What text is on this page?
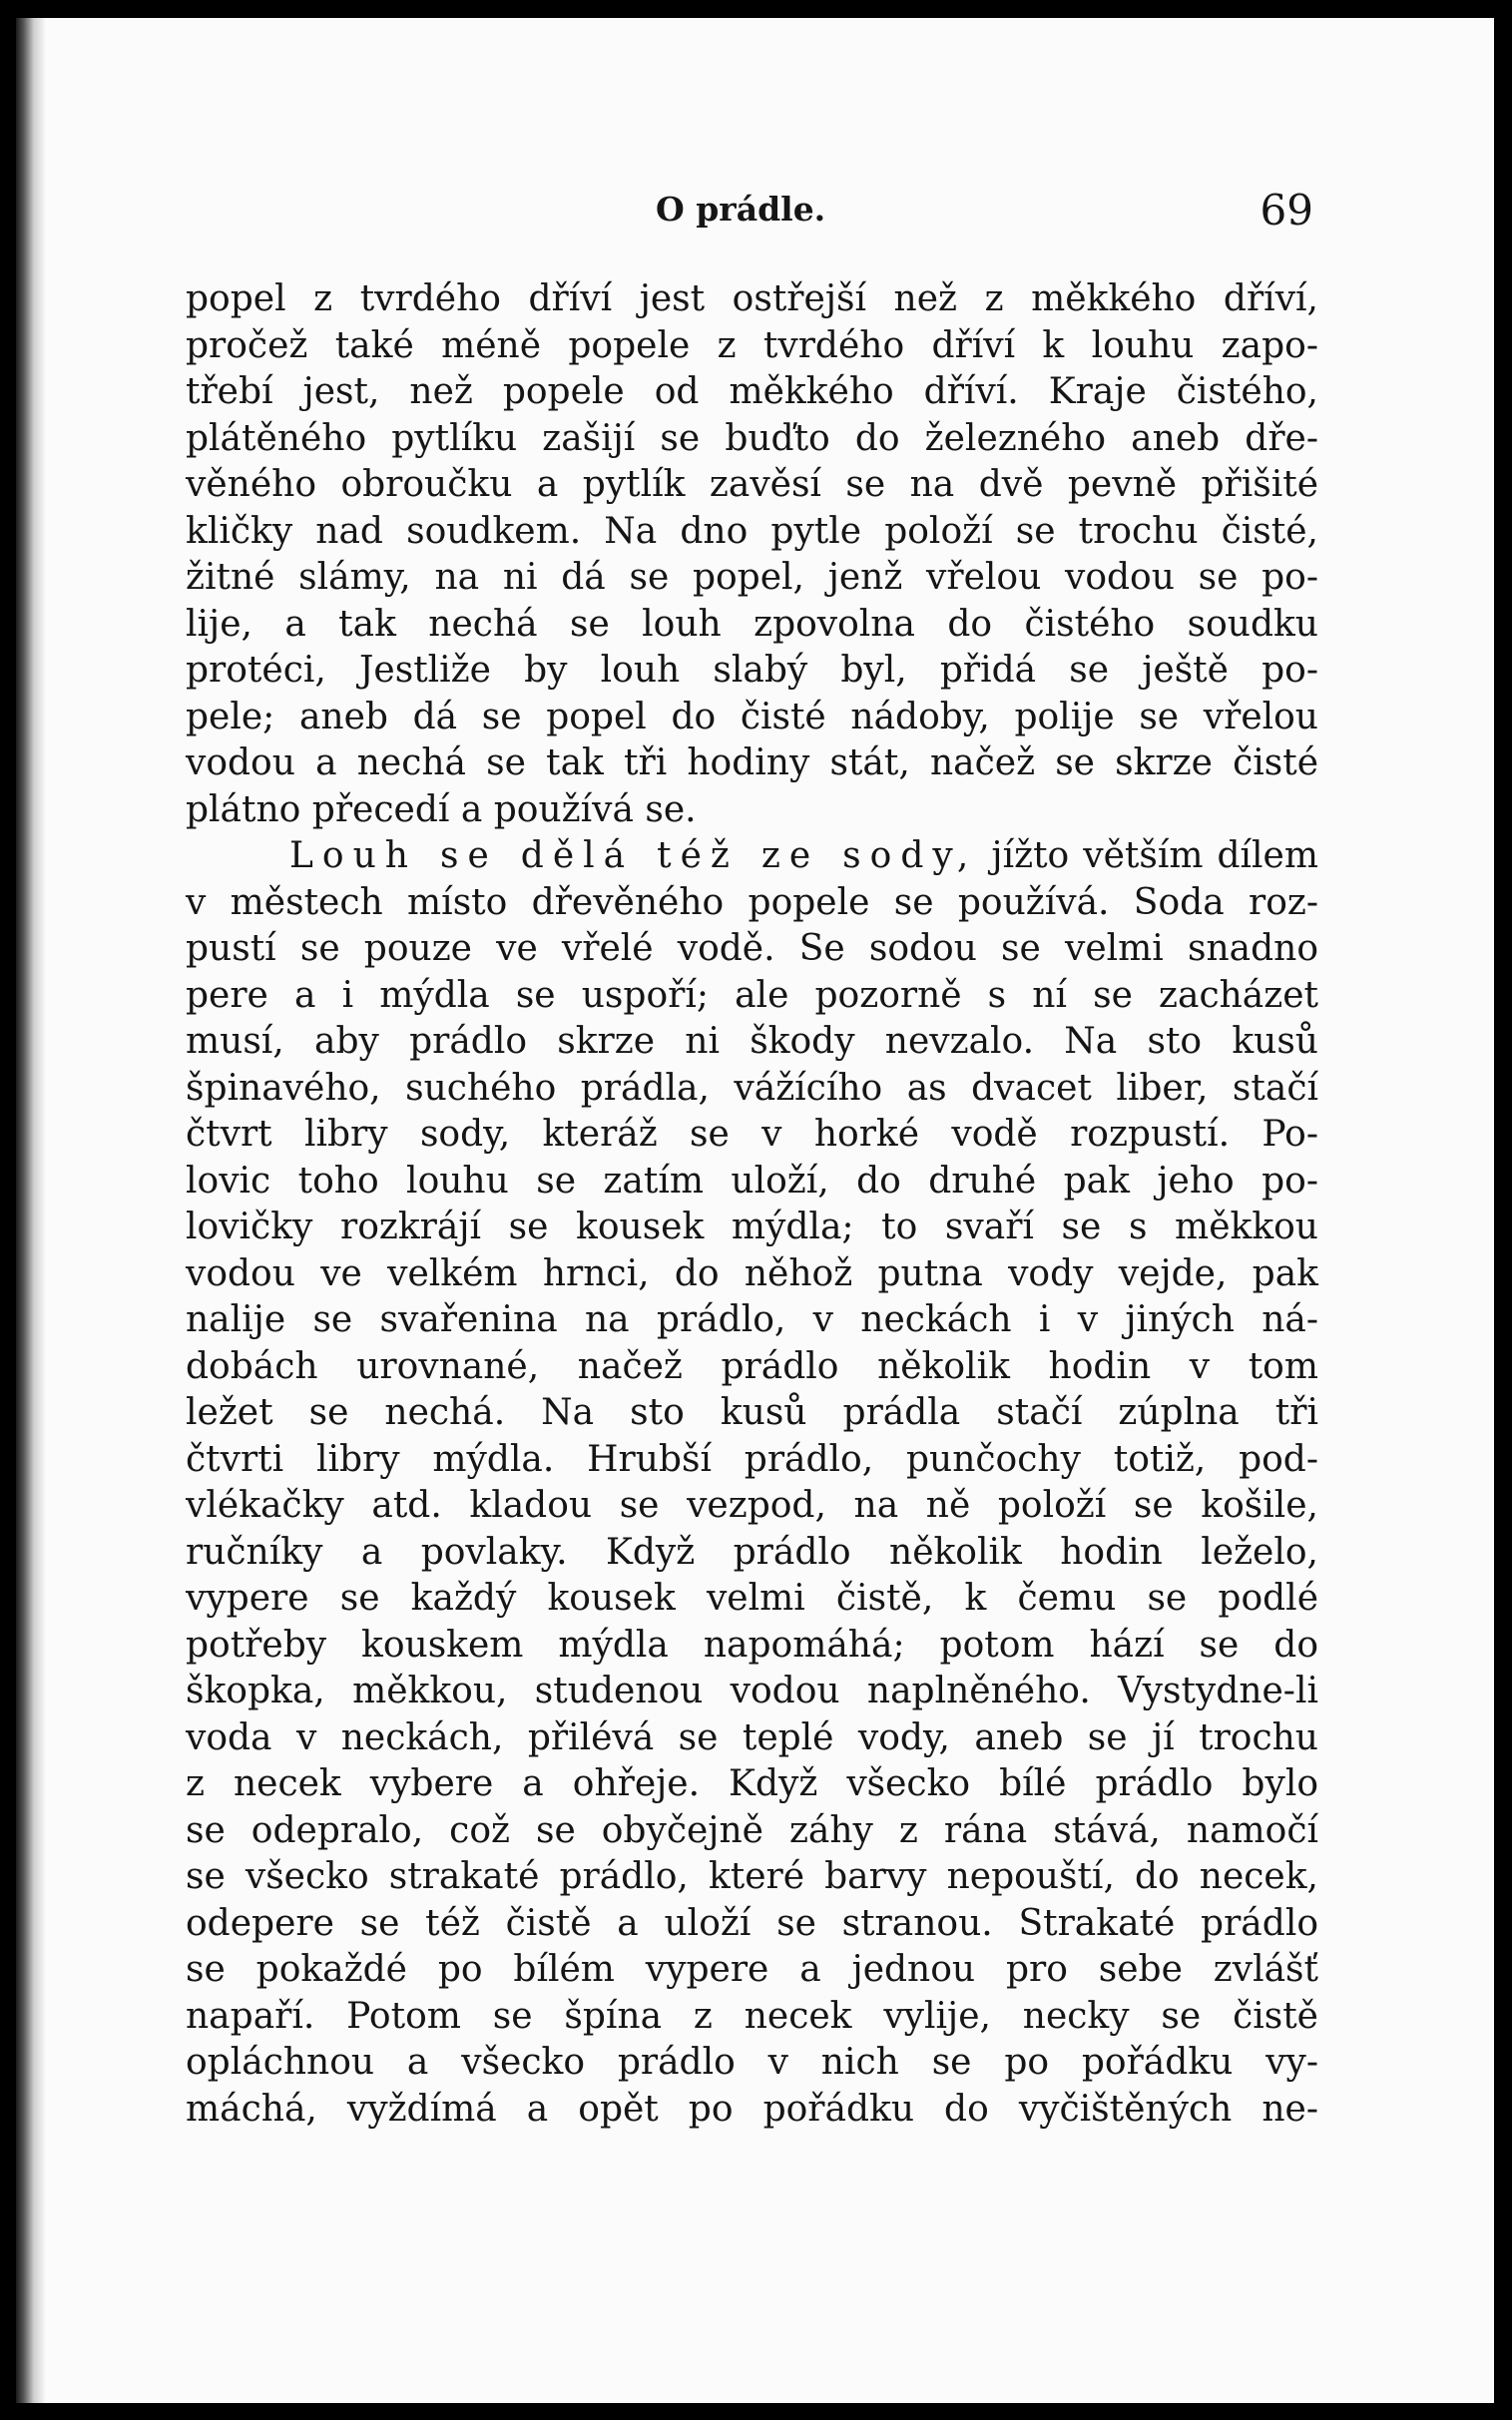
O prádle.	69
popel z tvrdého dříví jest ostřejší než z měkkého dříví,
pročež také méně popele z tvrdého dříví k louhu zapo-
třebí jest, než popele od měkkého dříví. Kraje čistého,
plátěného pytlíku zašijí se buďto do železného aneb dře-
věného obroučku a pytlík zavěsí se na dvě pevně přišité
kličky nad soudkem. Na dno pytle položí se trochu čisté,
žitné slámy, na ni dá se popel, jenž vřelou vodou se po-
lije, a tak nechá se louh zpovolna do čistého soudku
protéci, Jestliže by louh slabý byl, přidá se ještě po-
pele; aneb dá se popel do čisté nádoby, polije se vřelou
vodou a nechá se tak tři hodiny stát, načež se skrze čisté
plátno přecedí a používá se.
Louh se dělá též ze sody, jížto větším dílem
v městech místo dřevěného popele se používá. Soda roz-
pustí se pouze ve vřelé vodě. Se sodou se velmi snadno
pere a i mýdla se uspoří; ale pozorně s ní se zacházet
musí, aby prádlo skrze ni škody nevzalo. Na sto kusů
špinavého, suchého prádla, vážícího as dvacet liber, stačí
čtvrt libry sody, kteráž se v horké vodě rozpustí. Po-
lovic toho louhu se zatím uloží, do druhé pak jeho po-
lovičky rozkrájí se kousek mýdla; to svaří se s měkkou
vodou ve velkém hrnci, do něhož putna vody vejde, pak
nalije se svařenina na prádlo, v neckách i v jiných ná-
dobách urovnané, načež prádlo několik hodin v tom
ležet se nechá. Na sto kusů prádla stačí zúplna tři
čtvrti libry mýdla. Hrubší prádlo, punčochy totiž, pod-
vlékačky atd. kladou se vezpod, na ně položí se košile,
ručníky a povlaky. Když prádlo několik hodin leželo,
vypere se každý kousek velmi čistě, k čemu se podlé
potřeby kouskem mýdla napomáhá; potom hází se do
škopka, měkkou, studenou vodou naplněného. Vystydne-li
voda v neckách, přilévá se teplé vody, aneb se jí trochu
z necek vybere a ohřeje. Když všecko bílé prádlo bylo
se odepralo, což se obyčejně záhy z rána stává, namočí
se všecko strakaté prádlo, které barvy nepouští, do necek,
odepere se též čistě a uloží se stranou. Strakaté prádlo
se pokaždé po bílém vypere a jednou pro sebe zvlášť
napaří. Potom se špína z necek vylije, necky se čistě
opláchnou a všecko prádlo v nich se po pořádku vy-
máchá, vyždímá a opět po pořádku do vyčištěných ne-
